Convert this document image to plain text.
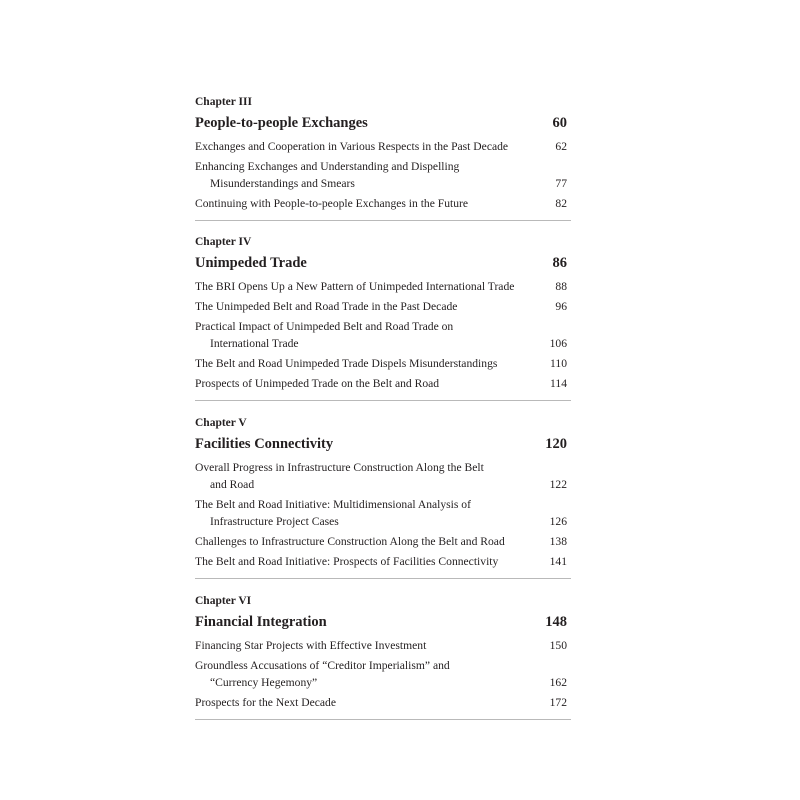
Chapter III
People-to-people Exchanges	60
Exchanges and Cooperation in Various Respects in the Past Decade	62
Enhancing Exchanges and Understanding and Dispelling
Misunderstandings and Smears	77
Continuing with People-to-people Exchanges in the Future	82
Chapter IV
Unimpeded Trade	86
The BRI Opens Up a New Pattern of Unimpeded International Trade	88
The Unimpeded Belt and Road Trade in the Past Decade	96
Practical Impact of Unimpeded Belt and Road Trade on
International Trade	106
The Belt and Road Unimpeded Trade Dispels Misunderstandings	110
Prospects of Unimpeded Trade on the Belt and Road	114
Chapter V
Facilities Connectivity	120
Overall Progress in Infrastructure Construction Along the Belt
and Road	122
The Belt and Road Initiative: Multidimensional Analysis of
Infrastructure Project Cases	126
Challenges to Infrastructure Construction Along the Belt and Road	138
The Belt and Road Initiative: Prospects of Facilities Connectivity	141
Chapter VI
Financial Integration	148
Financing Star Projects with Effective Investment	150
Groundless Accusations of “Creditor Imperialism” and
“Currency Hegemony”	162
Prospects for the Next Decade	172
